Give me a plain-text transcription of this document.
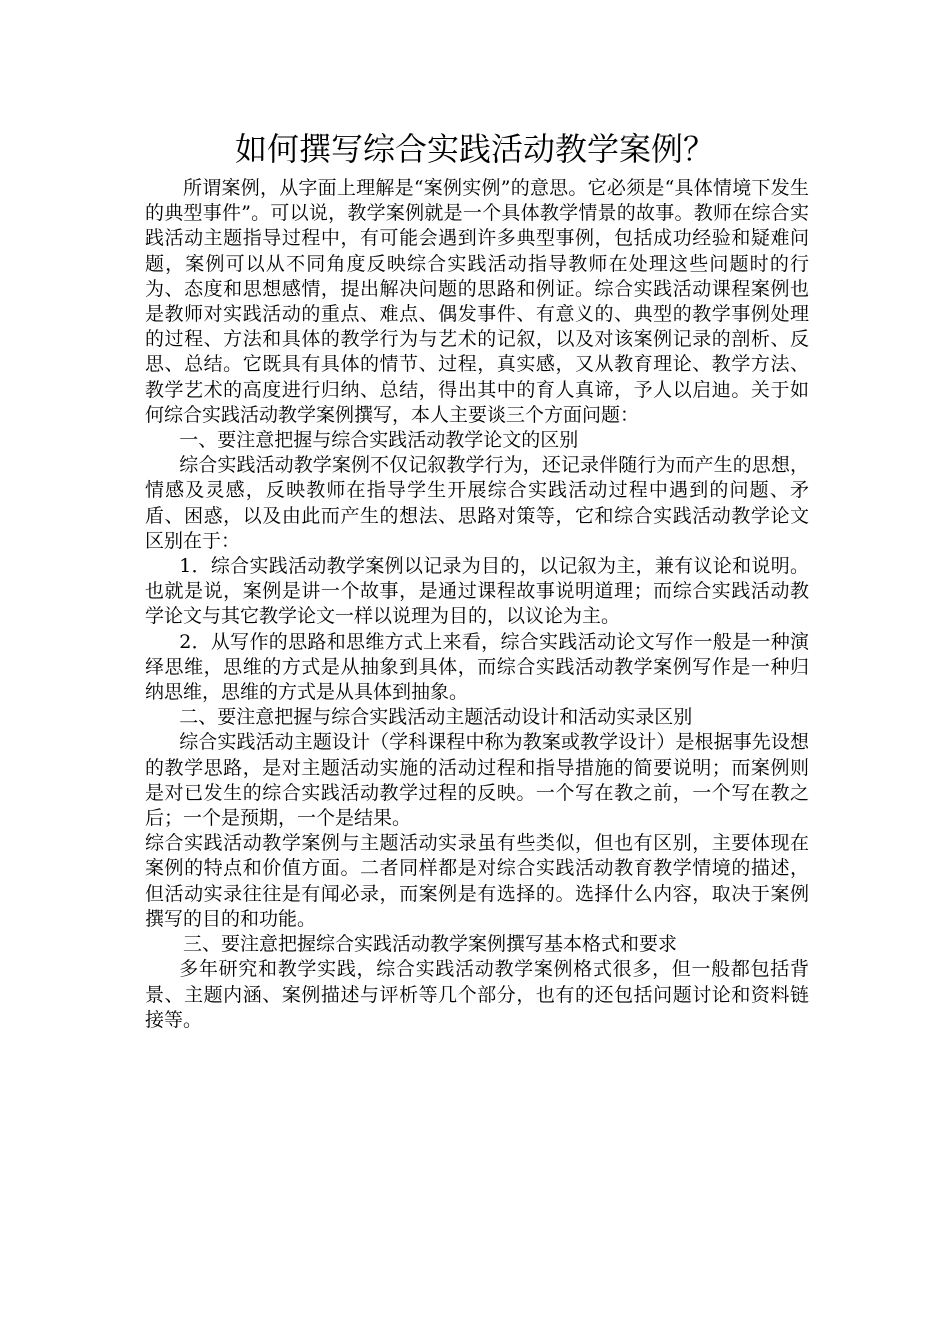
如何撰写综合实践活动教学案例？

所谓案例，从字面上理解是“案例实例”的意思。它必须是“具体情境下发生的典型事件”。可以说，教学案例就是一个具体教学情景的故事。教师在综合实践活动主题指导过程中，有可能会遇到许多典型事例，包括成功经验和疑难问题，案例可以从不同角度反映综合实践活动指导教师在处理这些问题时的行为、态度和思想感情，提出解决问题的思路和例证。综合实践活动课程案例也是教师对实践活动的重点、难点、偶发事件、有意义的、典型的教学事例处理的过程、方法和具体的教学行为与艺术的记叙，以及对该案例记录的剖析、反思、总结。它既具有具体的情节、过程，真实感，又从教育理论、教学方法、教学艺术的高度进行归纳、总结，得出其中的育人真谛，予人以启迪。关于如何综合实践活动教学案例撰写，本人主要谈三个方面问题：

一、要注意把握与综合实践活动教学论文的区别

综合实践活动教学案例不仅记叙教学行为，还记录伴随行为而产生的思想，情感及灵感，反映教师在指导学生开展综合实践活动过程中遇到的问题、矛盾、困惑，以及由此而产生的想法、思路对策等，它和综合实践活动教学论文区别在于：

1．综合实践活动教学案例以记录为目的，以记叙为主，兼有议论和说明。也就是说，案例是讲一个故事，是通过课程故事说明道理；而综合实践活动教学论文与其它教学论文一样以说理为目的，以议论为主。

2．从写作的思路和思维方式上来看，综合实践活动论文写作一般是一种演绎思维，思维的方式是从抽象到具体，而综合实践活动教学案例写作是一种归纳思维，思维的方式是从具体到抽象。

二、要注意把握与综合实践活动主题活动设计和活动实录区别

综合实践活动主题设计（学科课程中称为教案或教学设计）是根据事先设想的教学思路，是对主题活动实施的活动过程和指导措施的简要说明；而案例则是对已发生的综合实践活动教学过程的反映。一个写在教之前，一个写在教之后；一个是预期，一个是结果。

综合实践活动教学案例与主题活动实录虽有些类似，但也有区别，主要体现在案例的特点和价值方面。二者同样都是对综合实践活动教育教学情境的描述，但活动实录往往是有闻必录，而案例是有选择的。选择什么内容，取决于案例撰写的目的和功能。

三、要注意把握综合实践活动教学案例撰写基本格式和要求

多年研究和教学实践，综合实践活动教学案例格式很多，但一般都包括背景、主题内涵、案例描述与评析等几个部分，也有的还包括问题讨论和资料链接等。
